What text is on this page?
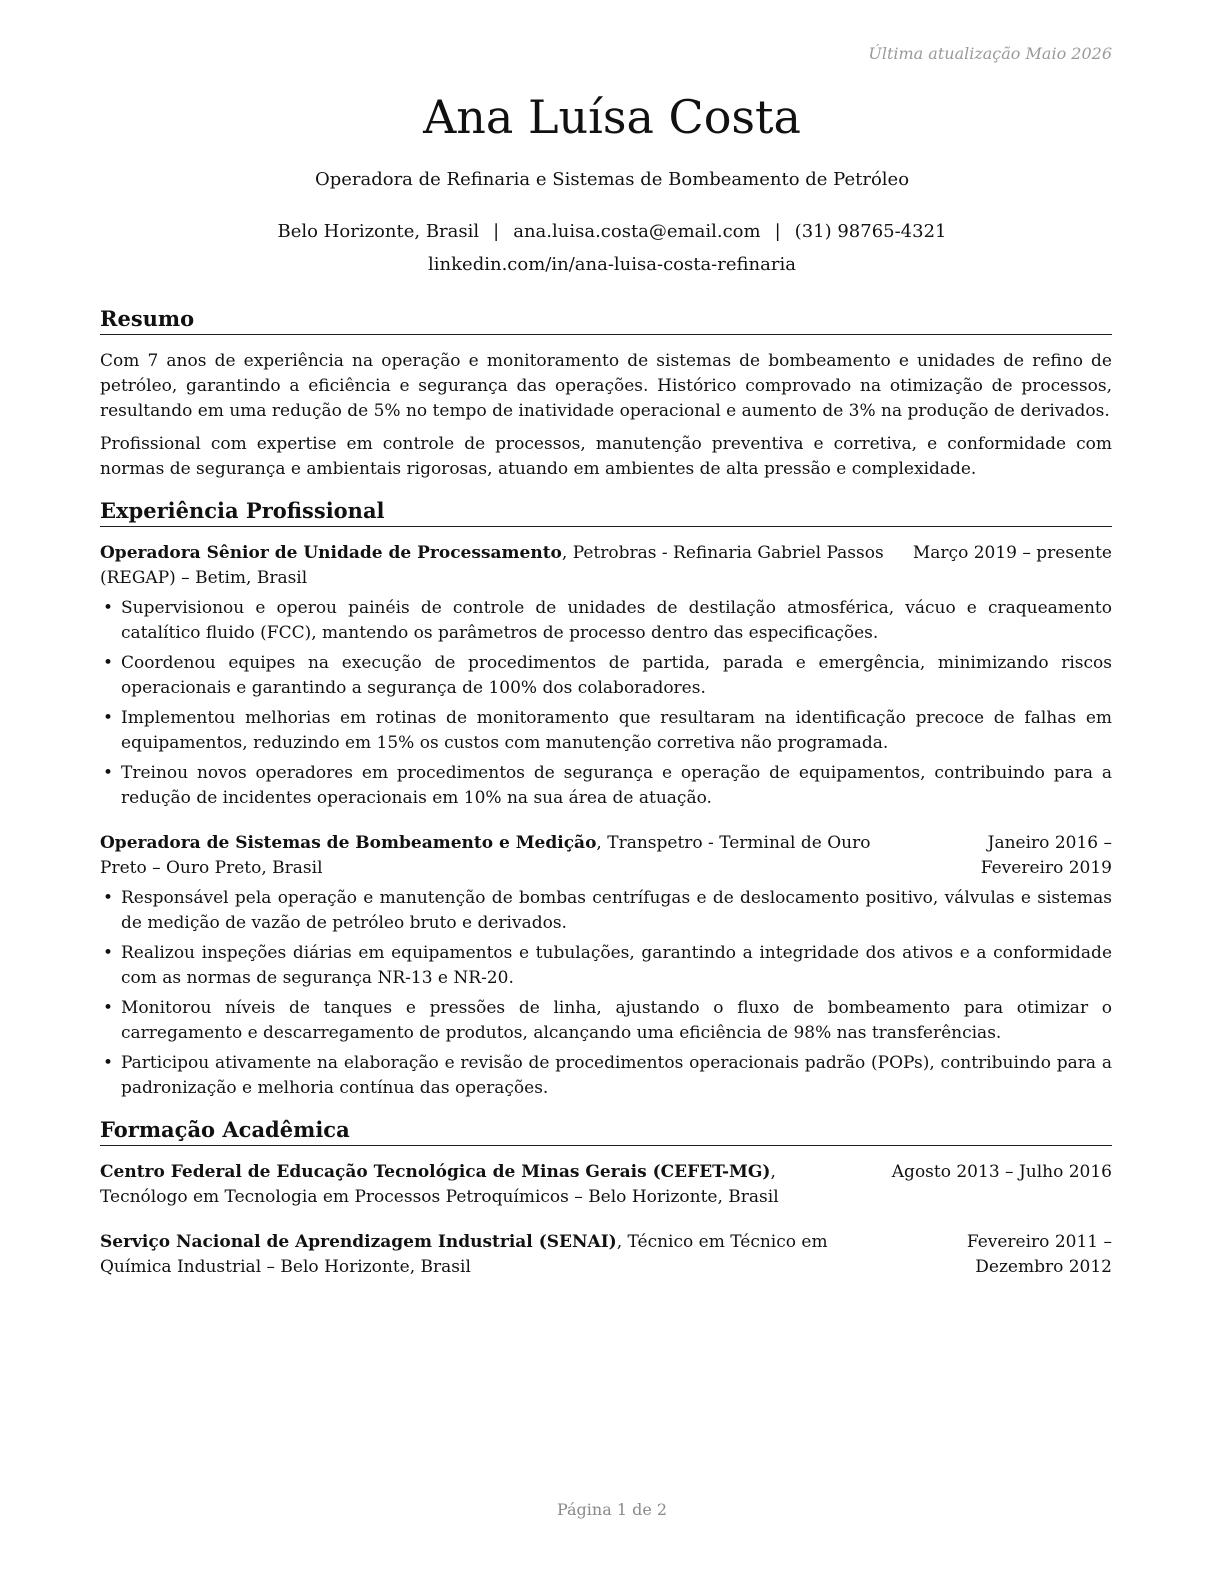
Última atualização Maio 2026
Ana Luísa Costa
Operadora de Refinaria e Sistemas de Bombeamento de Petróleo
Belo Horizonte, Brasil | ana.luisa.costa@email.com | (31) 98765-4321
linkedin.com/in/ana-luisa-costa-refinaria
Resumo

Com 7 anos de experiência na operação e monitoramento de sistemas de bombeamento e unidades de refino de petróleo, garantindo a eficiência e segurança das operações. Histórico comprovado na otimização de processos, resultando em uma redução de 5% no tempo de inatividade operacional e aumento de 3% na produção de derivados.

Profissional com expertise em controle de processos, manutenção preventiva e corretiva, e conformidade com normas de segurança e ambientais rigorosas, atuando em ambientes de alta pressão e complexidade.

Experiência Profissional
Operadora Sênior de Unidade de Processamento, Petrobras - Refinaria Gabriel Passos (REGAP) – Betim, Brasil
Março 2019 – presente
• Supervisionou e operou painéis de controle de unidades de destilação atmosférica, vácuo e craqueamento catalítico fluido (FCC), mantendo os parâmetros de processo dentro das especificações.
• Coordenou equipes na execução de procedimentos de partida, parada e emergência, minimizando riscos operacionais e garantindo a segurança de 100% dos colaboradores.
• Implementou melhorias em rotinas de monitoramento que resultaram na identificação precoce de falhas em equipamentos, reduzindo em 15% os custos com manutenção corretiva não programada.
• Treinou novos operadores em procedimentos de segurança e operação de equipamentos, contribuindo para a redução de incidentes operacionais em 10% na sua área de atuação.
Operadora de Sistemas de Bombeamento e Medição, Transpetro - Terminal de Ouro Preto – Ouro Preto, Brasil
Janeiro 2016 – Fevereiro 2019
• Responsável pela operação e manutenção de bombas centrífugas e de deslocamento positivo, válvulas e sistemas de medição de vazão de petróleo bruto e derivados.
• Realizou inspeções diárias em equipamentos e tubulações, garantindo a integridade dos ativos e a conformidade com as normas de segurança NR-13 e NR-20.
• Monitorou níveis de tanques e pressões de linha, ajustando o fluxo de bombeamento para otimizar o carregamento e descarregamento de produtos, alcançando uma eficiência de 98% nas transferências.
• Participou ativamente na elaboração e revisão de procedimentos operacionais padrão (POPs), contribuindo para a padronização e melhoria contínua das operações.
Formação Acadêmica
Centro Federal de Educação Tecnológica de Minas Gerais (CEFET-MG), Tecnólogo em Tecnologia em Processos Petroquímicos – Belo Horizonte, Brasil
Agosto 2013 – Julho 2016
Serviço Nacional de Aprendizagem Industrial (SENAI), Técnico em Técnico em Química Industrial – Belo Horizonte, Brasil
Fevereiro 2011 – Dezembro 2012
Página 1 de 2
